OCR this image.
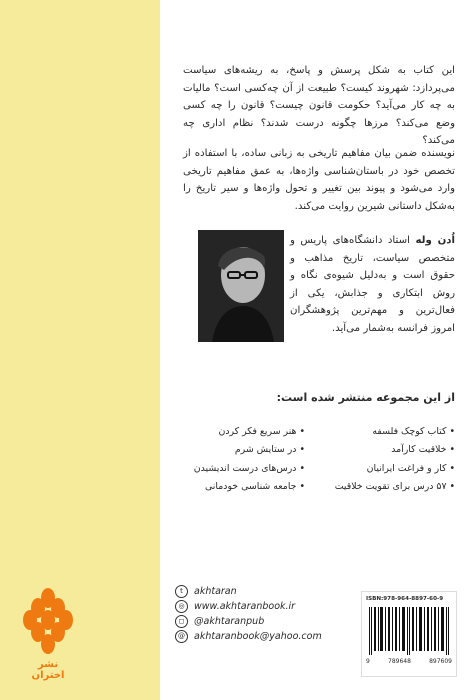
این کتاب به شکل پرسش و پاسخ، به ریشه‌های سیاست می‌پردازد: شهروند کیست؟ طبیعت از آن چه‌کسی است؟ مالیات به چه کار می‌آید؟ حکومت قانون چیست؟ قانون را چه کسی وضع می‌کند؟ مرزها چگونه درست شدند؟ نظام اداری چه می‌کند؟
نویسنده ضمن بیان مفاهیم تاریخی به زبانی ساده، با استفاده از تخصص خود در باستان‌شناسی واژه‌ها، به عمق مفاهیم تاریخی وارد می‌شود و پیوند بین تغییر و تحول واژه‌ها و سیر تاریخ را به‌شکل داستانی شیرین روایت می‌کند.
اُدن وله استاد دانشگاه‌های پاریس و متخصص سیاست، تاریخ مذاهب و حقوق است و به‌دلیل شیوه‌ی نگاه و روش ابتکاری و جذابش، یکی از فعال‌ترین و مهم‌ترین پژوهشگران امروز فرانسه به‌شمار می‌آید.
از این مجموعه منتشر شده است:
• کتاب کوچک فلسفه
• خلاقیت کارآمد
• کار و فراغت ایرانیان
• ۵۷ درس برای تقویت خلاقیت
• هنر سریع فکر کردن
• در ستایش شرم
• درس‌های درست اندیشیدن
• جامعه شناسی خودمانی
t	akhtaran
◎ www.akhtaranbook.ir
◻	@akhtaranpub
@ akhtaranbook@yahoo.com
ISBN:978-964-8897-60-9
9	789648	897609
نشر اختران
